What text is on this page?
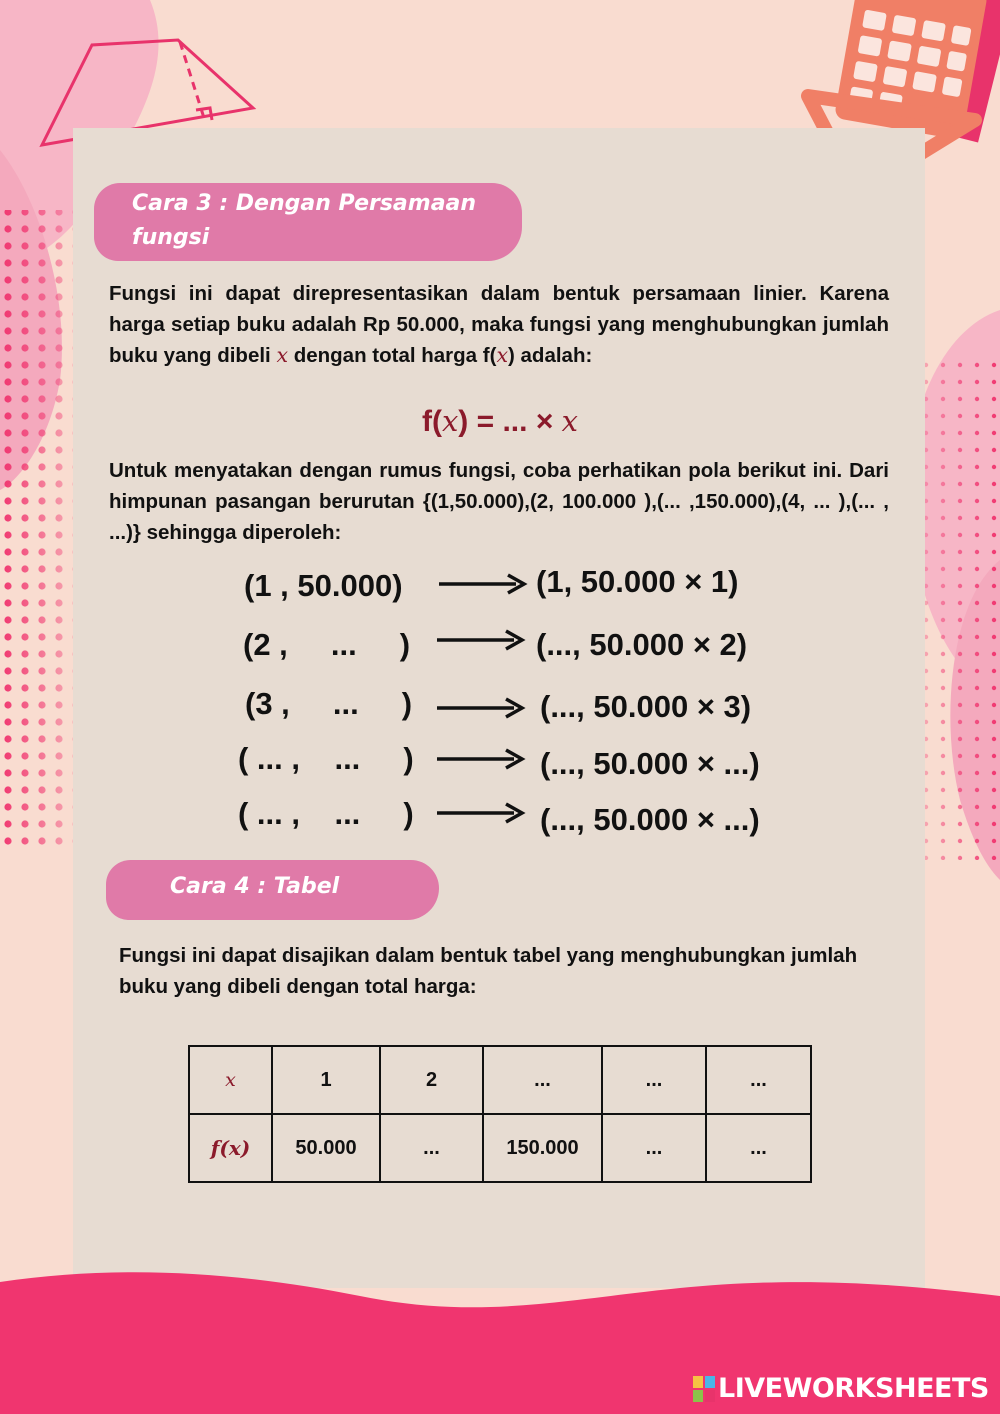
Cara 3 : Dengan Persamaan fungsi

Fungsi ini dapat direpresentasikan dalam bentuk persamaan linier. Karena harga setiap buku adalah Rp 50.000, maka fungsi yang menghubungkan jumlah buku yang dibeli x dengan total harga f(x) adalah:

f(x) = ... × x

Untuk menyatakan dengan rumus fungsi, coba perhatikan pola berikut ini. Dari himpunan pasangan berurutan {(1,50.000),(2, 100.000 ),(... ,150.000),(4, ... ),(... , ...)} sehingga diperoleh:

(1 , 50.000)	(1, 50.000 × 1)
(2 ,     ...     )	(..., 50.000 × 2)
(3 ,     ...     )	(..., 50.000 × 3)
( ... ,    ...     )	(..., 50.000 × ...)
( ... ,    ...     )	(..., 50.000 × ...)
Cara 4 : Tabel

Fungsi ini dapat disajikan dalam bentuk tabel yang menghubungkan jumlah buku yang dibeli dengan total harga:

x	1	2	...	...	...
f(x)	50.000	...	150.000	...	...
LIVEWORKSHEETS
